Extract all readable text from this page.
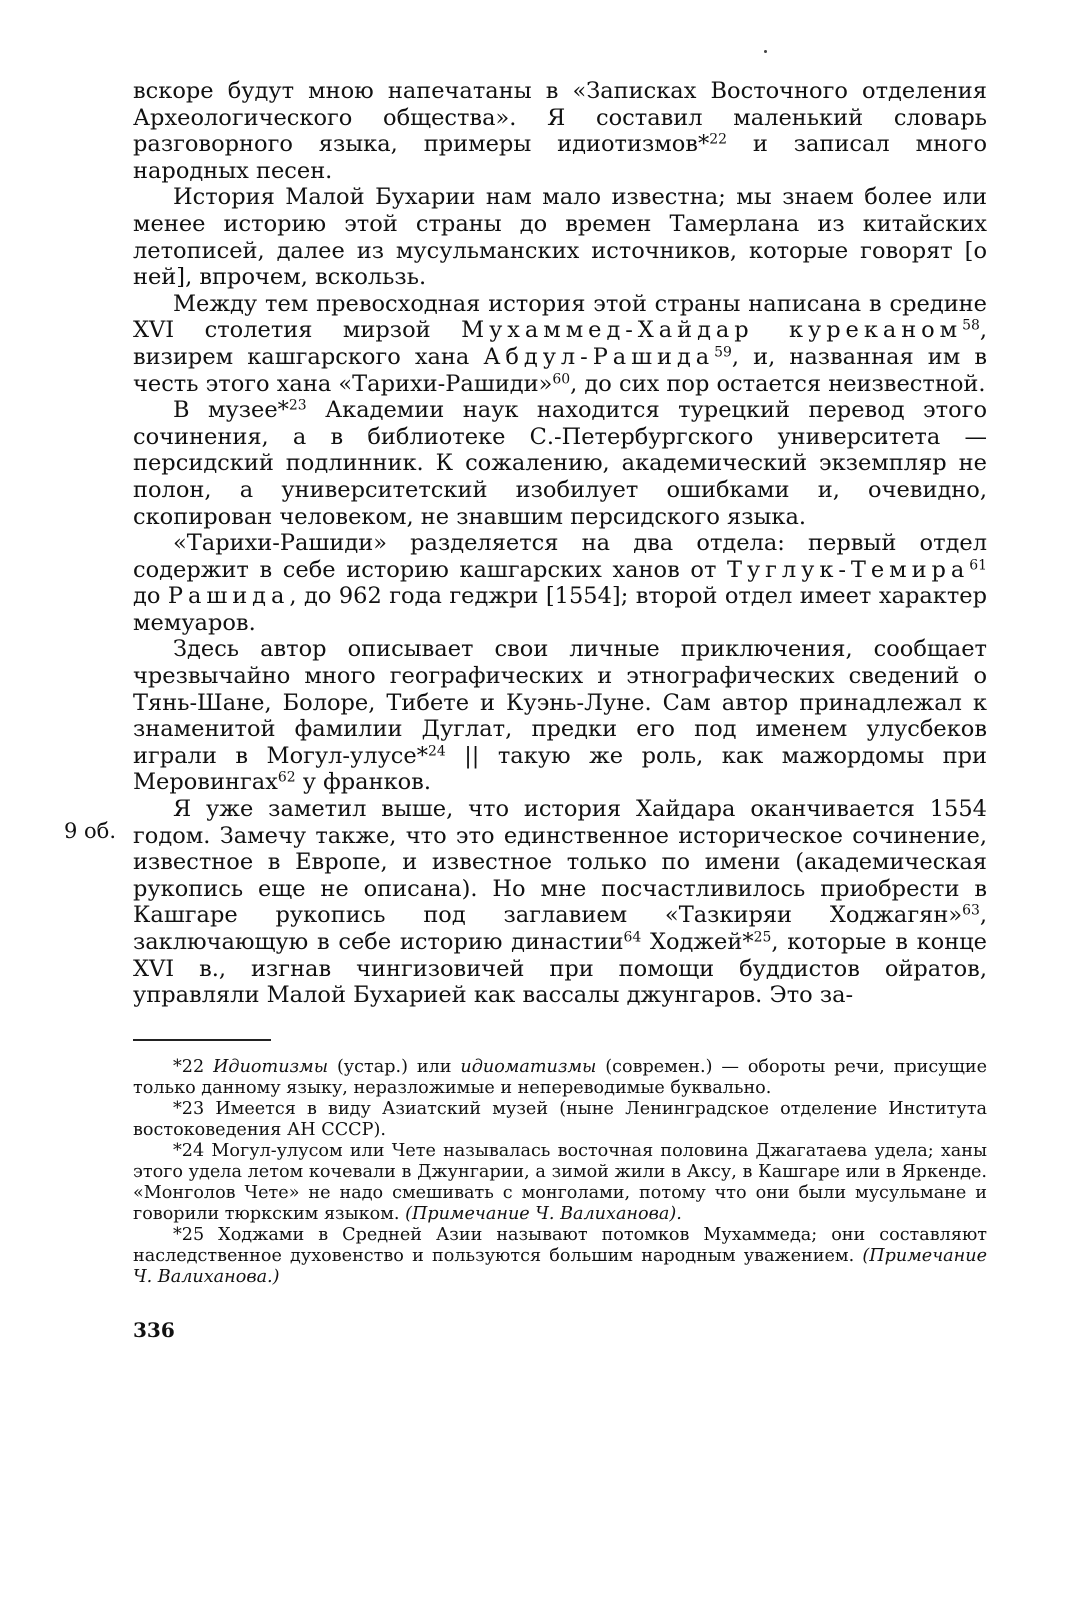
9 об.

вскоре будут мною напечатаны в «Записках Восточного отделения Археологического общества». Я составил маленький словарь разговорного языка, примеры идиотизмов*$^{22}$ и записал много народных песен.

История Малой Бухарии нам мало известна; мы знаем более или менее историю этой страны до времен Тамерлана из китайских летописей, далее из мусульманских источников, которые говорят [о ней], впрочем, вскользь.

Между тем превосходная история этой страны написана в средине XVI столетия мирзой Мухаммед-Хайдар куреканом$^{58}$, визирем кашгарского хана Абдул-Рашида$^{59}$, и, названная им в честь этого хана «Тарихи-Рашиди»$^{60}$, до сих пор остается неизвестной.

В музее*$^{23}$ Академии наук находится турецкий перевод этого сочинения, а в библиотеке С.-Петербургского университета — персидский подлинник. К сожалению, академический экземпляр не полон, а университетский изобилует ошибками и, очевидно, скопирован человеком, не знавшим персидского языка.

«Тарихи-Рашиди» разделяется на два отдела: первый отдел содержит в себе историю кашгарских ханов от Туглук-Темира$^{61}$ до Рашида, до 962 года геджри [1554]; второй отдел имеет характер мемуаров.

Здесь автор описывает свои личные приключения, сообщает чрезвычайно много географических и этнографических сведений о Тянь-Шане, Болоре, Тибете и Куэнь-Луне. Сам автор принадлежал к знаменитой фамилии Дуглат, предки его под именем улусбеков играли в Могул-улусе*$^{24}$ || такую же роль, как мажордомы при Меровингах$^{62}$ у франков.

Я уже заметил выше, что история Хайдара оканчивается 1554 годом. Замечу также, что это единственное историческое сочинение, известное в Европе, и известное только по имени (академическая рукопись еще не описана). Но мне посчастливилось приобрести в Кашгаре рукопись под заглавием «Тазкиряи Ходжагян»$^{63}$, заключающую в себе историю династии$^{64}$ Ходжей*$^{25}$, которые в конце XVI в., изгнав чингизовичей при помощи буддистов ойратов, управляли Малой Бухарией как вассалы джунгаров. Это за-

*22 Идиотизмы (устар.) или идиоматизмы (современ.) — обороты речи, присущие только данному языку, неразложимые и непереводимые буквально.

*23 Имеется в виду Азиатский музей (ныне Ленинградское отделение Института востоковедения АН СССР).

*24 Могул-улусом или Чете называлась восточная половина Джагатаева удела; ханы этого удела летом кочевали в Джунгарии, а зимой жили в Аксу, в Кашгаре или в Яркенде. «Монголов Чете» не надо смешивать с монголами, потому что они были мусульмане и говорили тюркским языком. (Примечание Ч. Валиханова).

*25 Ходжами в Средней Азии называют потомков Мухаммеда; они составляют наследственное духовенство и пользуются большим народным уважением. (Примечание Ч. Валиханова.)

336
